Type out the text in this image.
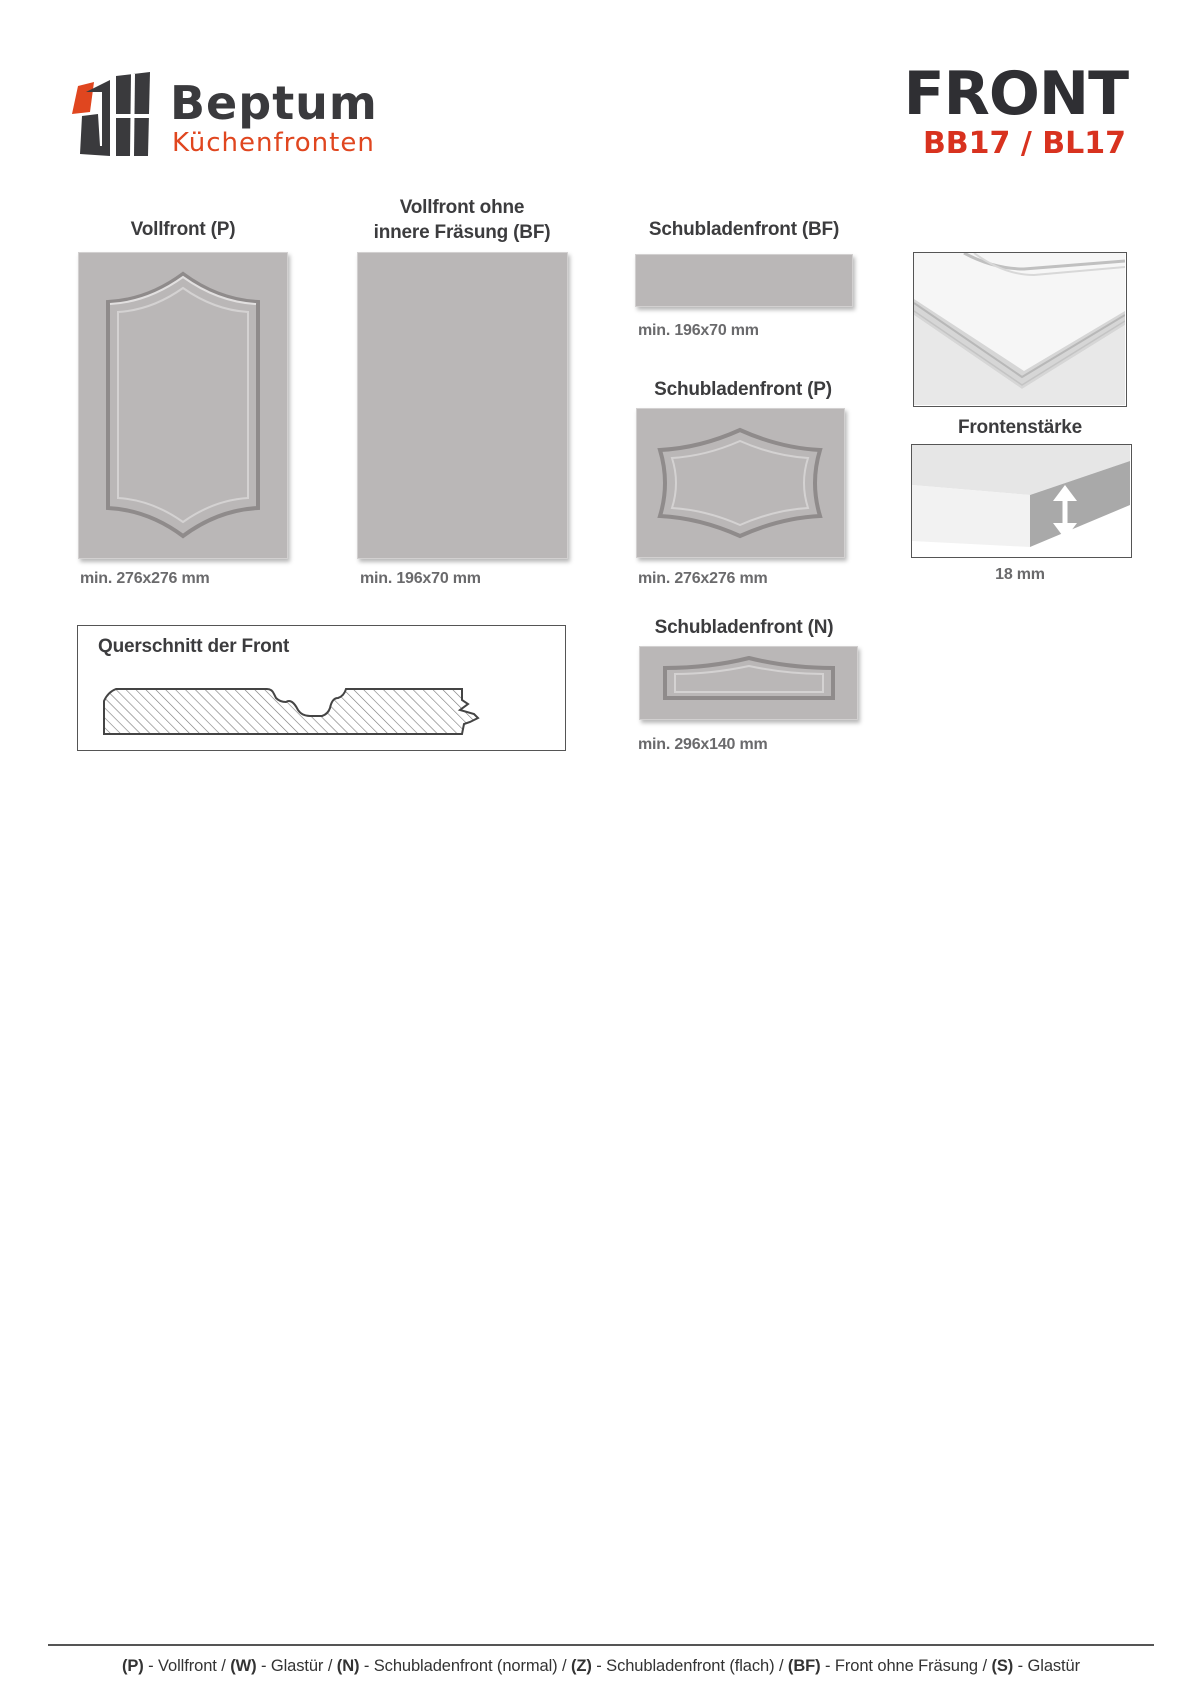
Beptum
Küchenfronten
FRONT
BB17 / BL17
Vollfront (P)
min. 276x276 mm
Vollfront ohne
innere Fräsung (BF)
min. 196x70 mm
Schubladenfront (BF)
min. 196x70 mm
Schubladenfront (P)
min. 276x276 mm
Schubladenfront (N)
min. 296x140 mm
Frontenstärke
18 mm
Querschnitt der Front
(P) - Vollfront / (W) - Glastür / (N) - Schubladenfront (normal) / (Z) - Schubladenfront (flach) / (BF) - Front ohne Fräsung / (S) - Glastür
